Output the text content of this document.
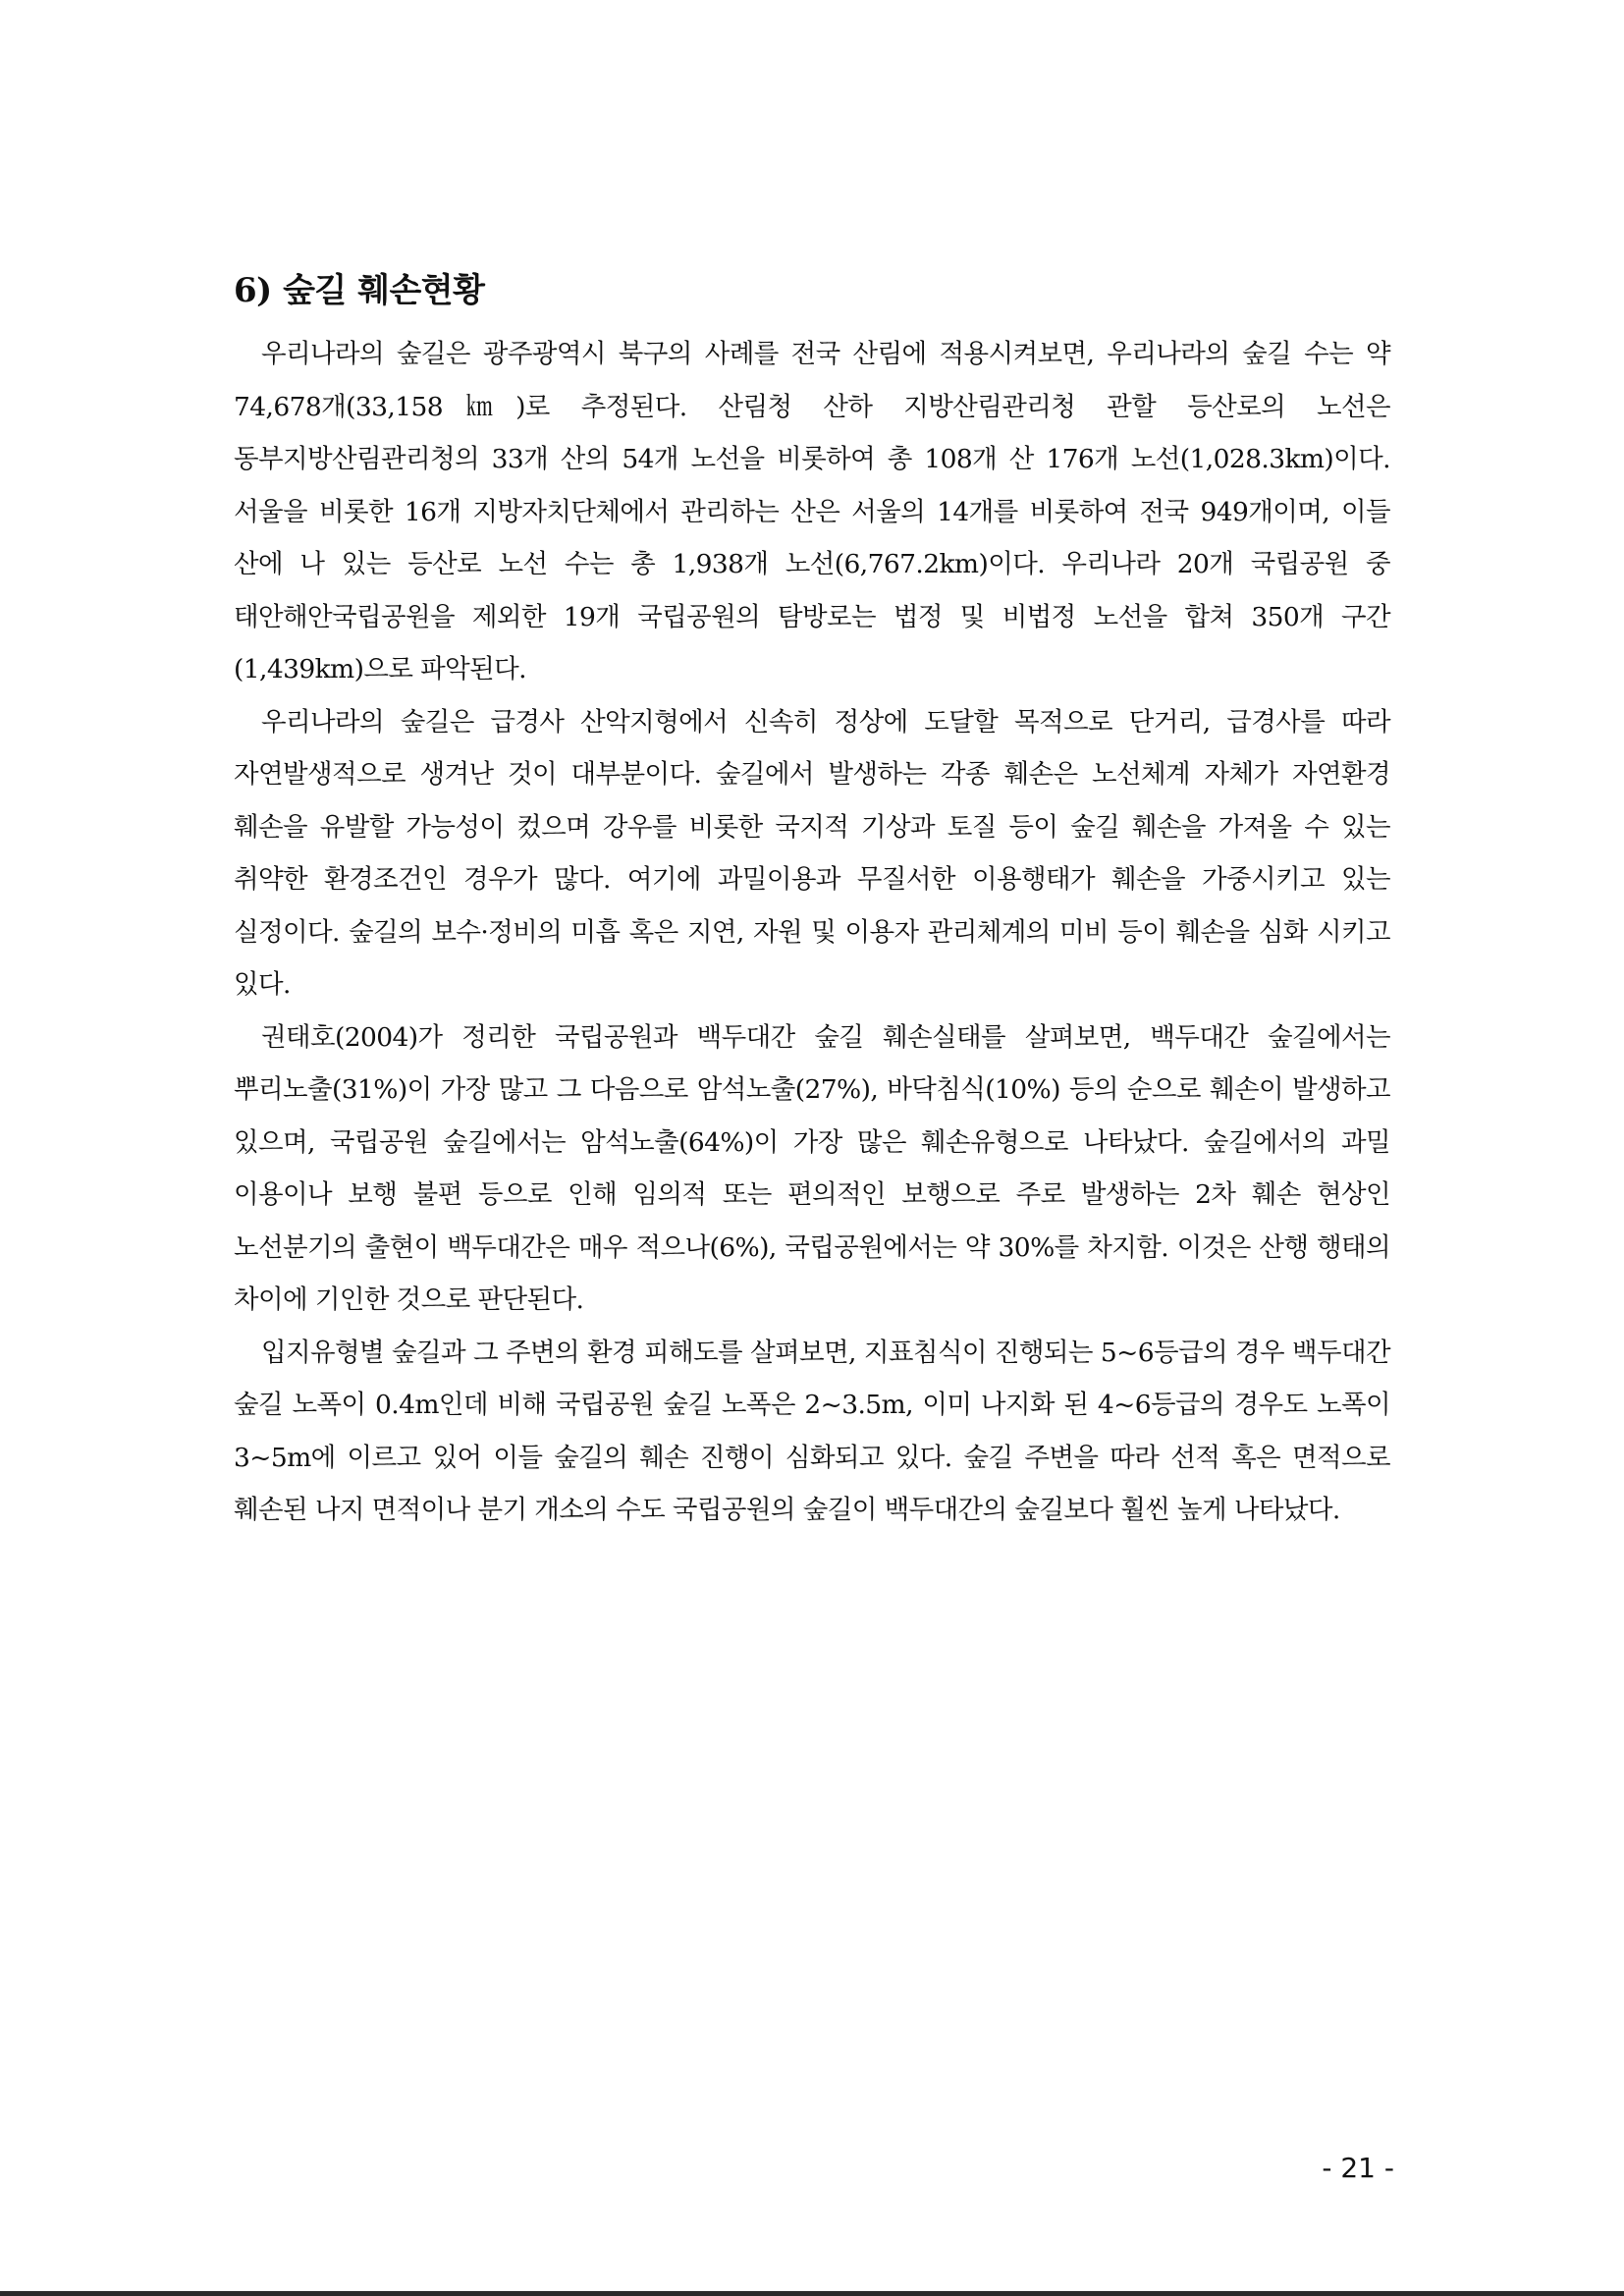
6) 숲길 훼손현황

우리나라의 숲길은 광주광역시 북구의 사례를 전국 산림에 적용시켜보면, 우리나라의 숲길 수는 약 74,678개(33,158㎞)로 추정된다. 산림청 산하 지방산림관리청 관할 등산로의 노선은 동부지방산림관리청의 33개 산의 54개 노선을 비롯하여 총 108개 산 176개 노선(1,028.3km)이다. 서울을 비롯한 16개 지방자치단체에서 관리하는 산은 서울의 14개를 비롯하여 전국 949개이며, 이들 산에 나 있는 등산로 노선 수는 총 1,938개 노선(6,767.2km)이다. 우리나라 20개 국립공원 중 태안해안국립공원을 제외한 19개 국립공원의 탐방로는 법정 및 비법정 노선을 합쳐 350개 구간(1,439km)으로 파악된다.

우리나라의 숲길은 급경사 산악지형에서 신속히 정상에 도달할 목적으로 단거리, 급경사를 따라 자연발생적으로 생겨난 것이 대부분이다. 숲길에서 발생하는 각종 훼손은 노선체계 자체가 자연환경 훼손을 유발할 가능성이 컸으며 강우를 비롯한 국지적 기상과 토질 등이 숲길 훼손을 가져올 수 있는 취약한 환경조건인 경우가 많다. 여기에 과밀이용과 무질서한 이용행태가 훼손을 가중시키고 있는 실정이다. 숲길의 보수·정비의 미흡 혹은 지연, 자원 및 이용자 관리체계의 미비 등이 훼손을 심화 시키고 있다.

권태호(2004)가 정리한 국립공원과 백두대간 숲길 훼손실태를 살펴보면, 백두대간 숲길에서는 뿌리노출(31%)이 가장 많고 그 다음으로 암석노출(27%), 바닥침식(10%) 등의 순으로 훼손이 발생하고 있으며, 국립공원 숲길에서는 암석노출(64%)이 가장 많은 훼손유형으로 나타났다. 숲길에서의 과밀 이용이나 보행 불편 등으로 인해 임의적 또는 편의적인 보행으로 주로 발생하는 2차 훼손 현상인 노선분기의 출현이 백두대간은 매우 적으나(6%), 국립공원에서는 약 30%를 차지함. 이것은 산행 행태의 차이에 기인한 것으로 판단된다.

입지유형별 숲길과 그 주변의 환경 피해도를 살펴보면, 지표침식이 진행되는 5~6등급의 경우 백두대간 숲길 노폭이 0.4m인데 비해 국립공원 숲길 노폭은 2~3.5m, 이미 나지화 된 4~6등급의 경우도 노폭이 3~5m에 이르고 있어 이들 숲길의 훼손 진행이 심화되고 있다. 숲길 주변을 따라 선적 혹은 면적으로 훼손된 나지 면적이나 분기 개소의 수도 국립공원의 숲길이 백두대간의 숲길보다 훨씬 높게 나타났다.

- 21 -
